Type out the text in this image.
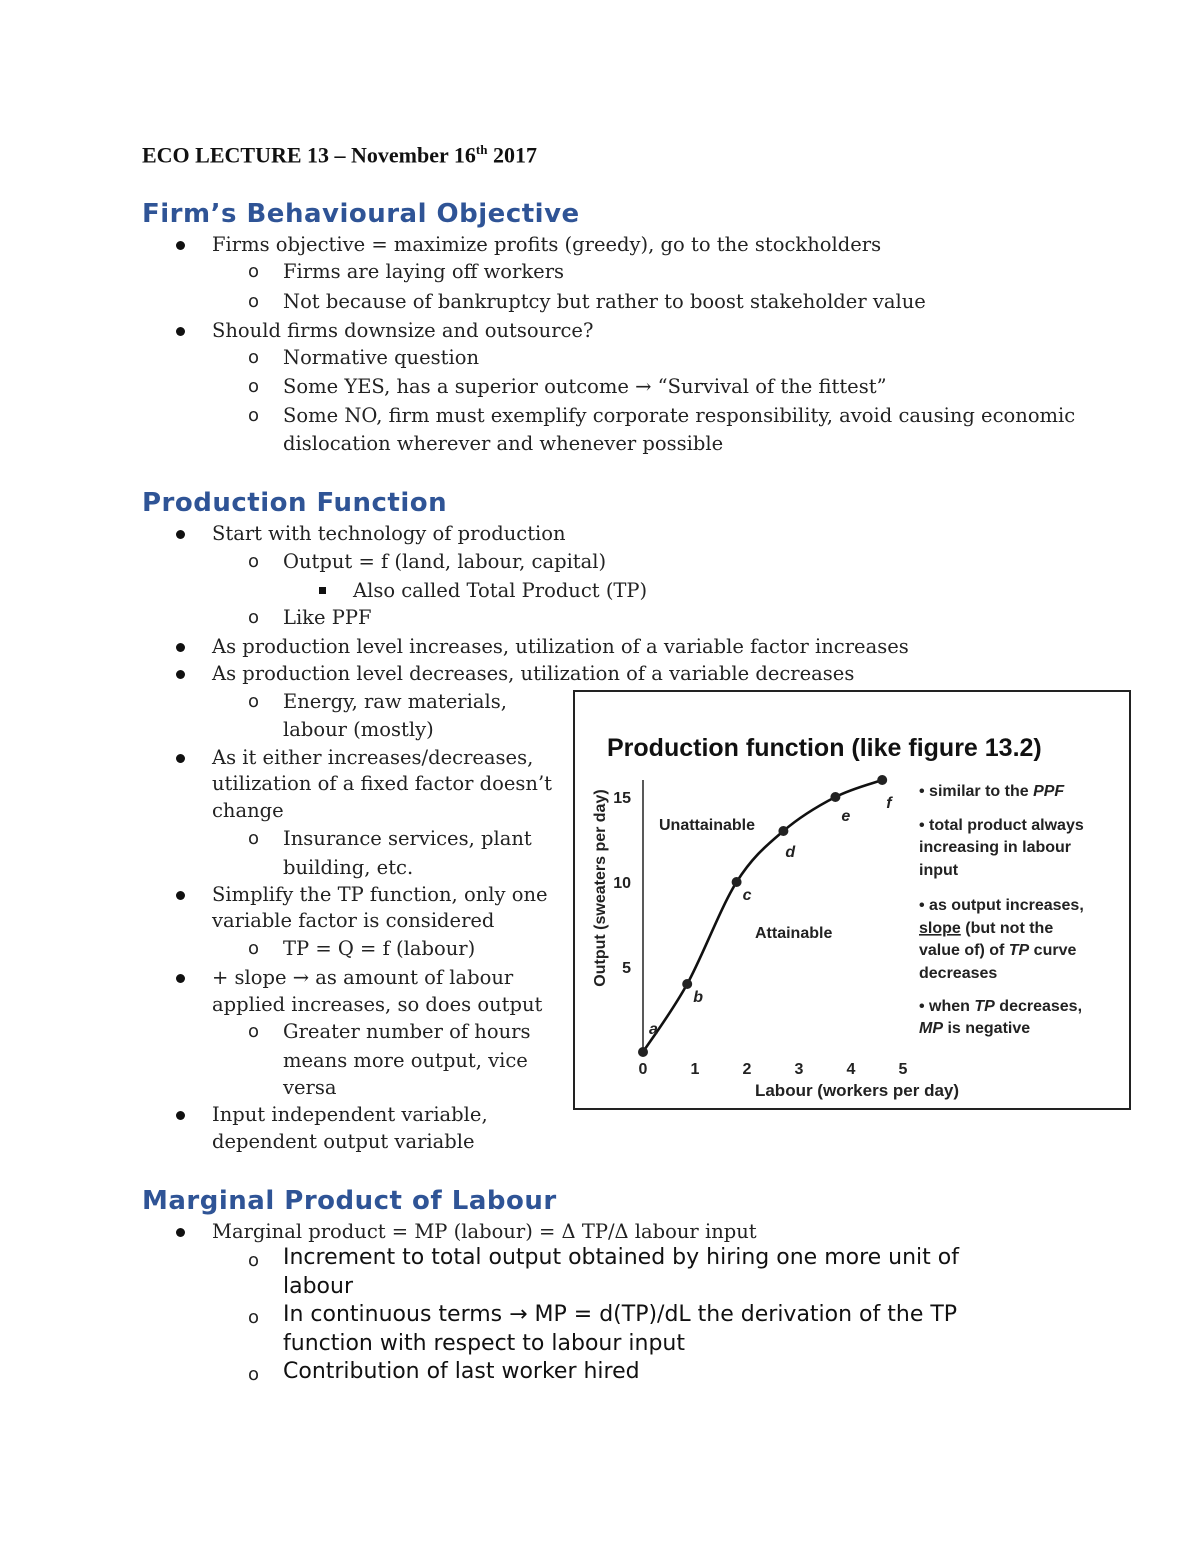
ECO LECTURE 13 – November 16th 2017
Firm’s Behavioural Objective
Firms objective = maximize profits (greedy), go to the stockholders
o Firms are laying off workers
o Not because of bankruptcy but rather to boost stakeholder value
Should firms downsize and outsource?
o Normative question
o Some YES, has a superior outcome → “Survival of the fittest”
o Some NO, firm must exemplify corporate responsibility, avoid causing economic
dislocation wherever and whenever possible
Production Function
Start with technology of production
o Output = f (land, labour, capital)
Also called Total Product (TP)
o Like PPF
As production level increases, utilization of a variable factor increases
As production level decreases, utilization of a variable decreases
o Energy, raw materials,
labour (mostly)
As it either increases/decreases,
utilization of a fixed factor doesn’t
change
o Insurance services, plant
building, etc.
Simplify the TP function, only one
variable factor is considered
o TP = Q = f (labour)
+ slope → as amount of labour
applied increases, so does output
o Greater number of hours
means more output, vice
versa
Input independent variable,
dependent output variable
Production function (like figure 13.2)
Output (sweaters per day)
Labour (workers per day)
0	1	2	3	4	5
5
10
15
a
b
c
d
e
f
Unattainable
Attainable
• similar to the PPF
• total product always
increasing in labour
input
• as output increases,
slope (but not the
value of) of TP curve
decreases
• when TP decreases,
MP is negative
Marginal Product of Labour
Marginal product = MP (labour) = Δ TP/Δ labour input
o Increment to total output obtained by hiring one more unit of
labour
o In continuous terms → MP = d(TP)/dL the derivation of the TP
function with respect to labour input
o Contribution of last worker hired
